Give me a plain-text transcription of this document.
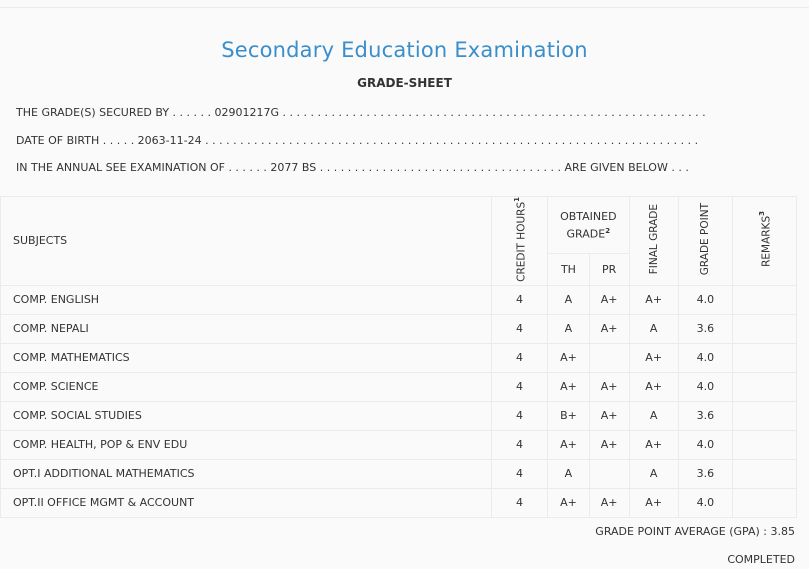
Secondary Education Examination
GRADE-SHEET
THE GRADE(S) SECURED BY . . . . . . 02901217G . . . . . . . . . . . . . . . . . . . . . . . . . . . . . . . . . . . . . . . . . . . . . . . . . . . . . . . . . . . . .
DATE OF BIRTH . . . . . 2063-11-24 . . . . . . . . . . . . . . . . . . . . . . . . . . . . . . . . . . . . . . . . . . . . . . . . . . . . . . . . . . . . . . . . . . . . . . .
IN THE ANNUAL SEE EXAMINATION OF . . . . . . 2077 BS . . . . . . . . . . . . . . . . . . . . . . . . . . . . . . . . . . . ARE GIVEN BELOW . . .
SUBJECTS	CREDIT HOURS$^1$	OBTAINED GRADE$^2$		FINAL GRADE	GRADE POINT	REMARKS$^3$
		TH	PR			
COMP. ENGLISH	4	A	A+	A+	4.0	
COMP. NEPALI	4	A	A+	A	3.6	
COMP. MATHEMATICS	4	A+		A+	4.0	
COMP. SCIENCE	4	A+	A+	A+	4.0	
COMP. SOCIAL STUDIES	4	B+	A+	A	3.6	
COMP. HEALTH, POP & ENV EDU	4	A+	A+	A+	4.0	
OPT.I ADDITIONAL MATHEMATICS	4	A		A	3.6	
OPT.II OFFICE MGMT & ACCOUNT	4	A+	A+	A+	4.0	
GRADE POINT AVERAGE (GPA) : 3.85
COMPLETED
